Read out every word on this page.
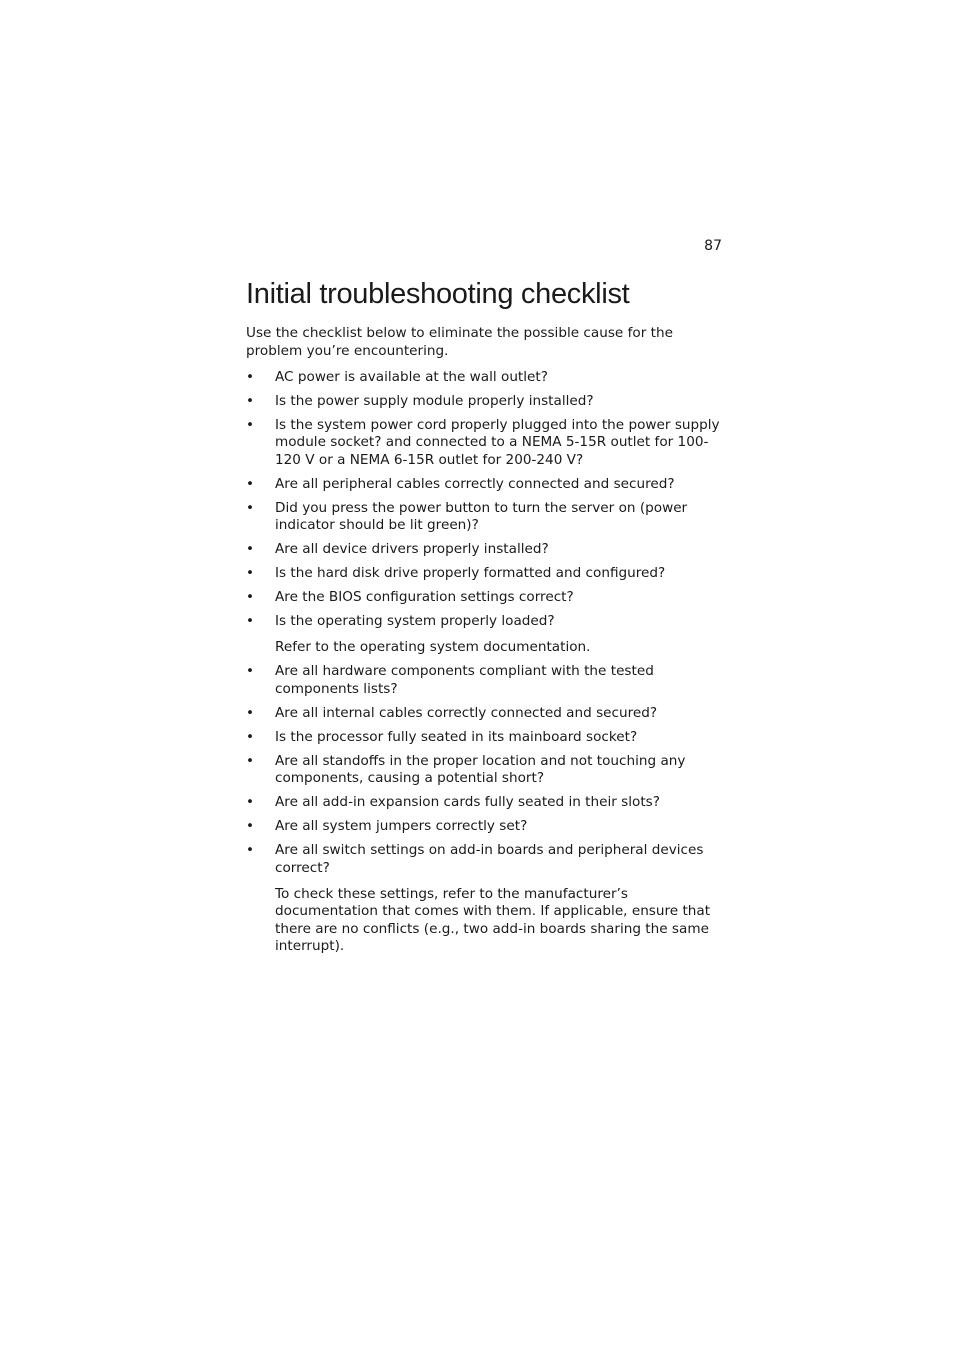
87
Initial troubleshooting checklist

Use the checklist below to eliminate the possible cause for the problem you’re encountering.

• AC power is available at the wall outlet?
• Is the power supply module properly installed?
• Is the system power cord properly plugged into the power supply module socket? and connected to a NEMA 5-15R outlet for 100-120 V or a NEMA 6-15R outlet for 200-240 V?
• Are all peripheral cables correctly connected and secured?
• Did you press the power button to turn the server on (power indicator should be lit green)?
• Are all device drivers properly installed?
• Is the hard disk drive properly formatted and configured?
• Are the BIOS configuration settings correct?
• Is the operating system properly loaded?
Refer to the operating system documentation.
• Are all hardware components compliant with the tested components lists?
• Are all internal cables correctly connected and secured?
• Is the processor fully seated in its mainboard socket?
• Are all standoffs in the proper location and not touching any components, causing a potential short?
• Are all add-in expansion cards fully seated in their slots?
• Are all system jumpers correctly set?
• Are all switch settings on add-in boards and peripheral devices correct?
To check these settings, refer to the manufacturer’s documentation that comes with them. If applicable, ensure that there are no conflicts (e.g., two add-in boards sharing the same interrupt).
